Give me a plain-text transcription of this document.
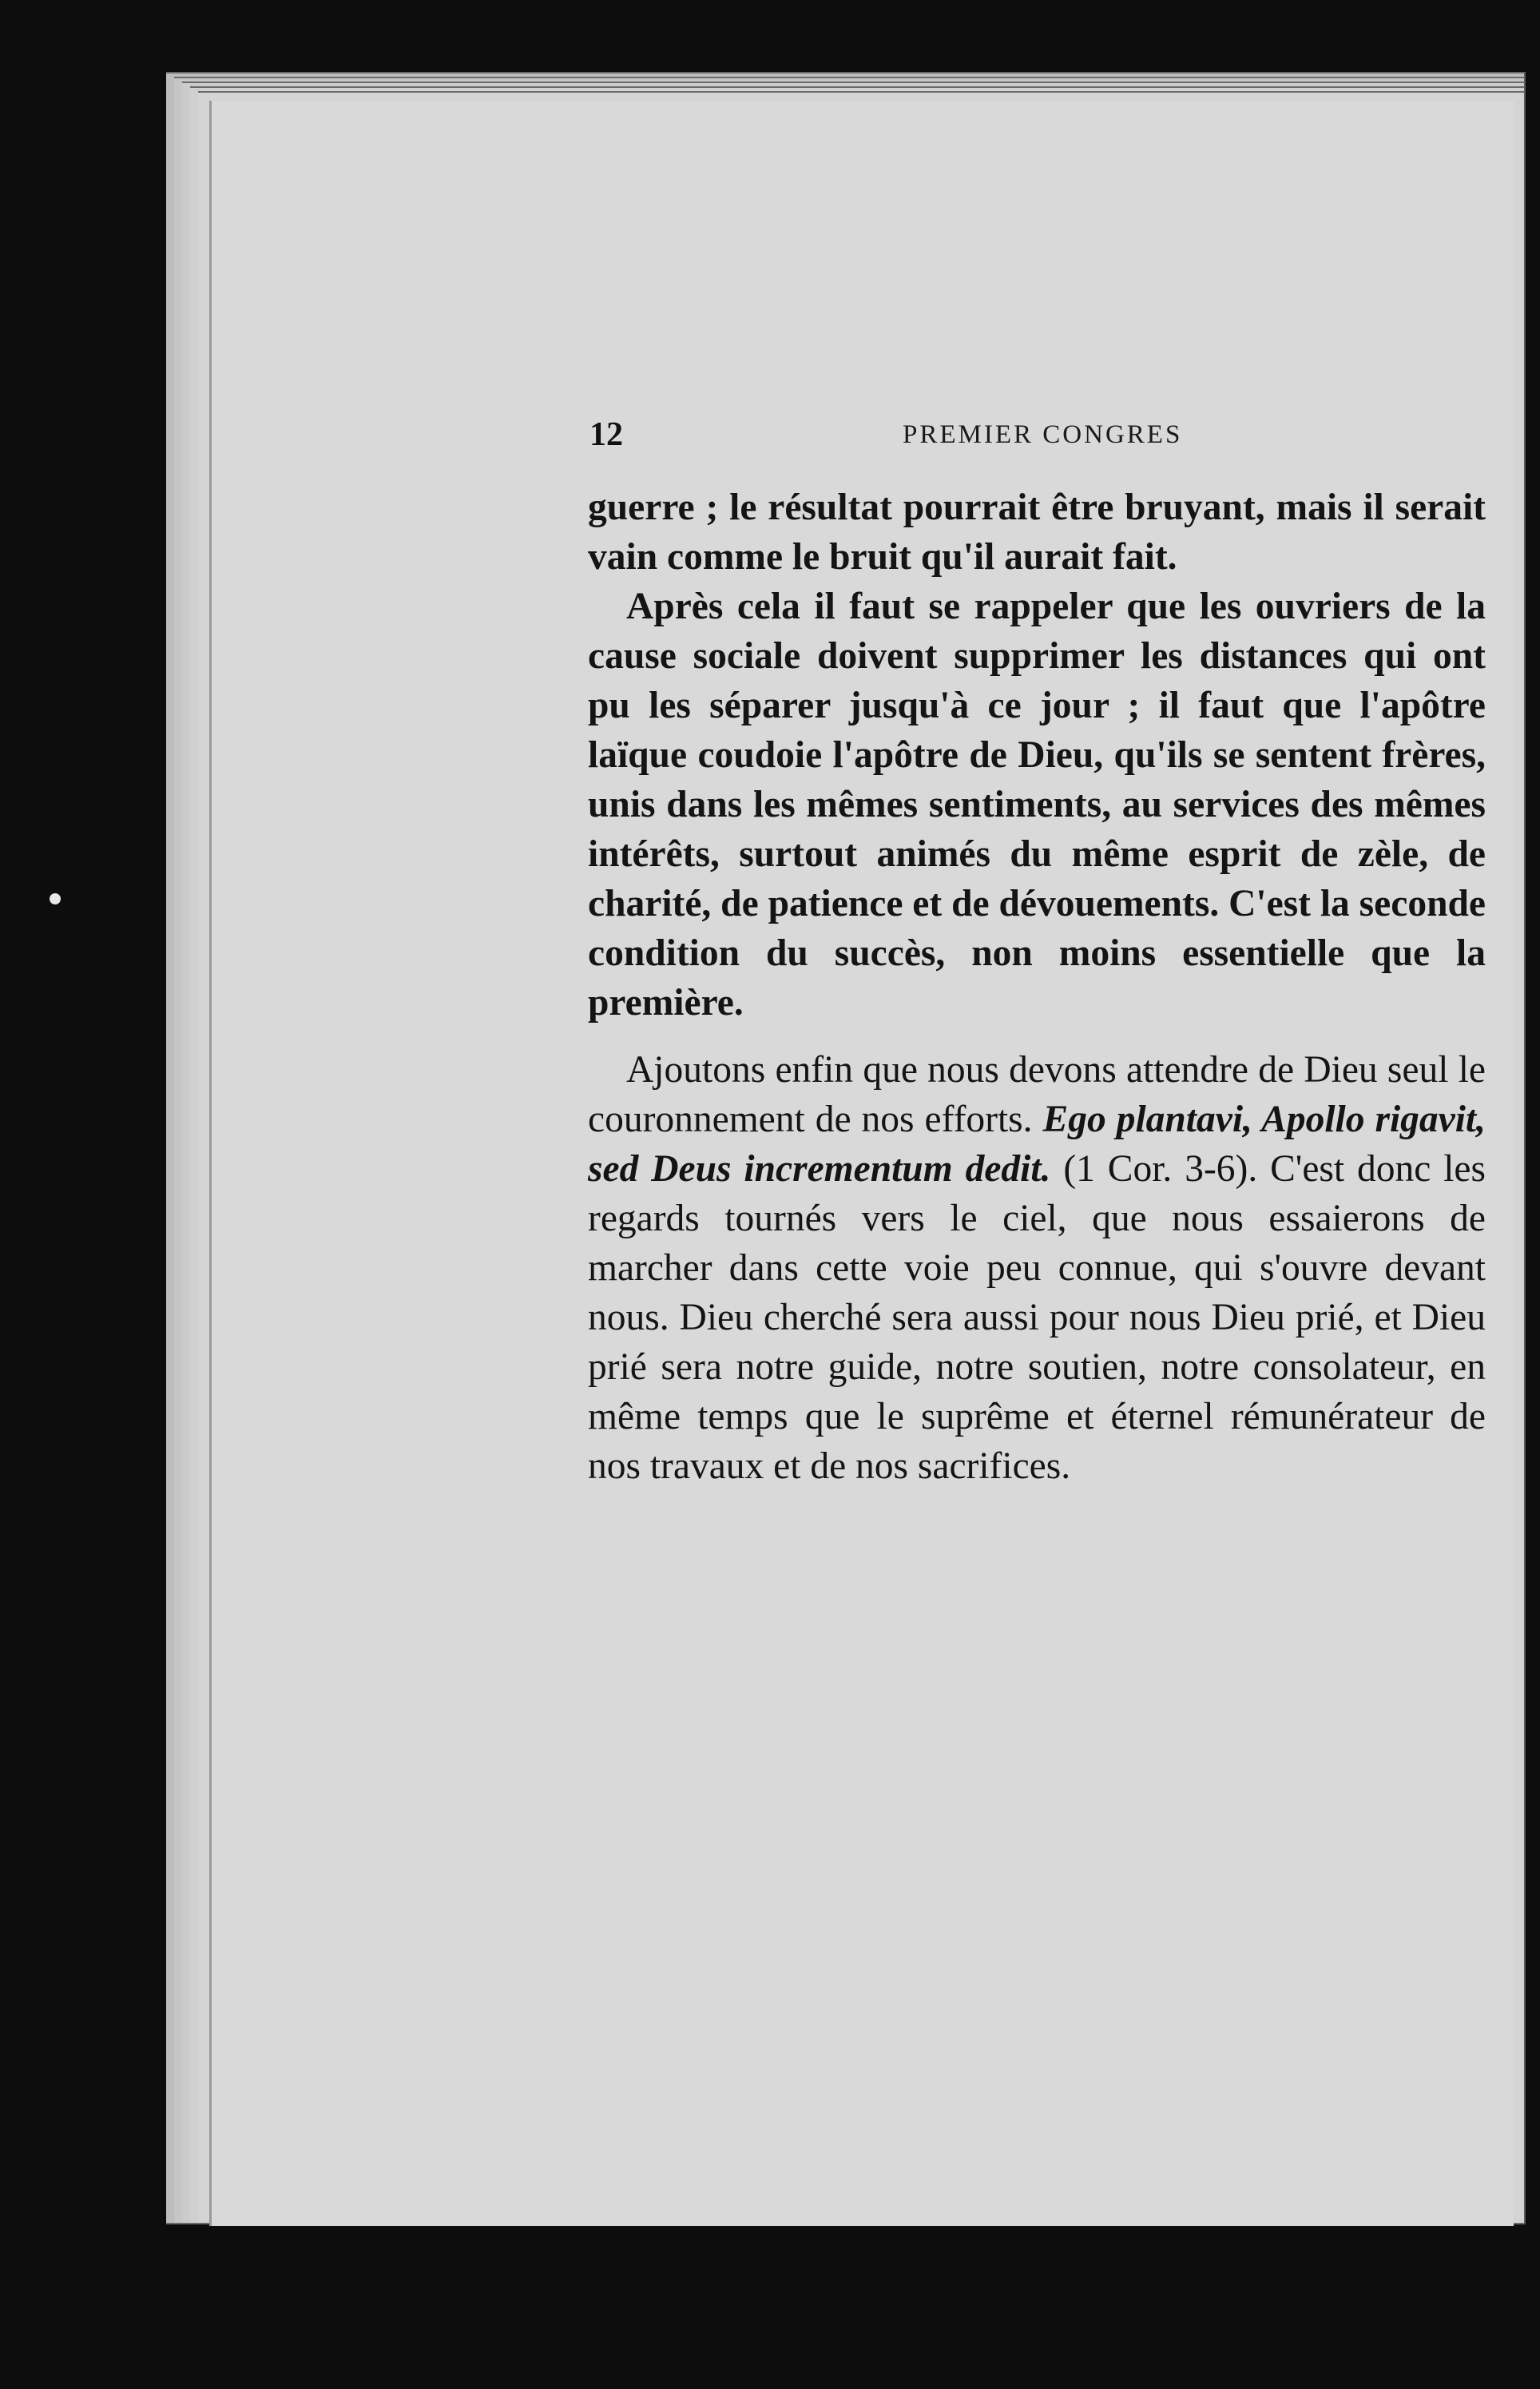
12	PREMIER CONGRES

guerre ; le résultat pourrait être bruyant, mais il serait vain comme le bruit qu'il aurait fait.

Après cela il faut se rappeler que les ouvriers de la cause sociale doivent supprimer les distances qui ont pu les séparer jusqu'à ce jour ; il faut que l'apôtre laïque coudoie l'apôtre de Dieu, qu'ils se sentent frères, unis dans les mêmes sentiments, au services des mêmes intérêts, surtout animés du même esprit de zèle, de charité, de patience et de dévouements. C'est la seconde condition du succès, non moins essentielle que la première.

Ajoutons enfin que nous devons attendre de Dieu seul le couronnement de nos efforts. Ego plantavi, Apollo rigavit, sed Deus incrementum dedit. (1 Cor. 3-6). C'est donc les regards tournés vers le ciel, que nous essaierons de marcher dans cette voie peu connue, qui s'ouvre devant nous. Dieu cherché sera aussi pour nous Dieu prié, et Dieu prié sera notre guide, notre soutien, notre consolateur, en même temps que le suprême et éternel rémunérateur de nos travaux et de nos sacrifices.
